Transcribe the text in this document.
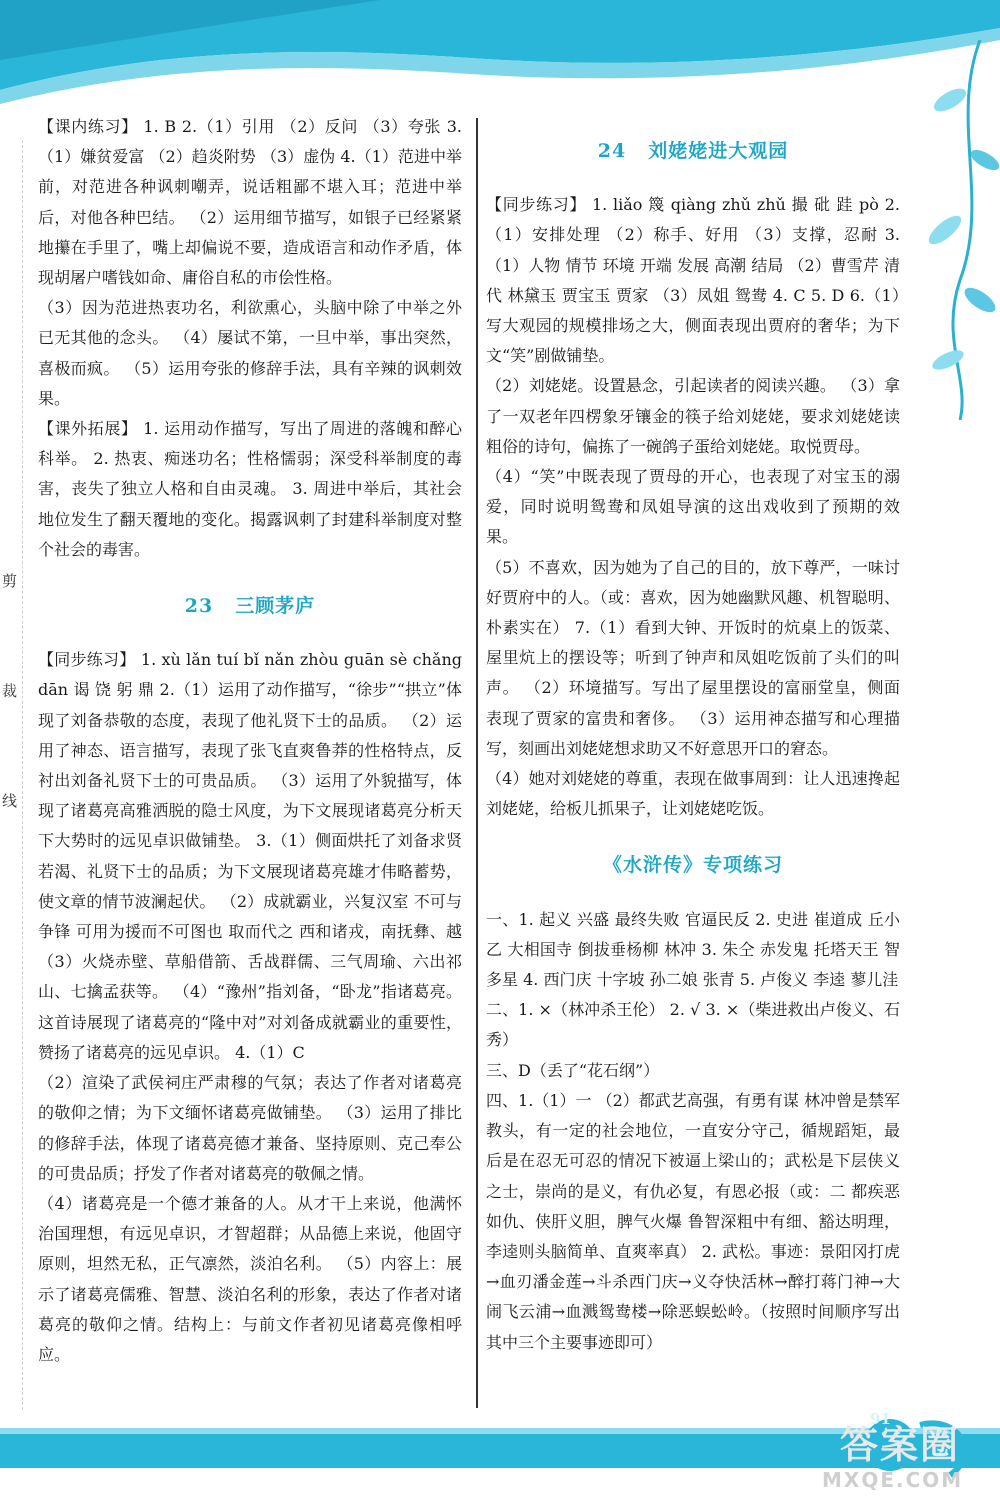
剪
裁
线

【课内练习】 1. B 2.（1）引用 （2）反问 （3）夸张 3.（1）嫌贫爱富 （2）趋炎附势 （3）虚伪 4.（1）范进中举前，对范进各种讽刺嘲弄，说话粗鄙不堪入耳；范进中举后，对他各种巴结。 （2）运用细节描写，如银子已经紧紧地攥在手里了，嘴上却偏说不要，造成语言和动作矛盾，体现胡屠户嗜钱如命、庸俗自私的市侩性格。

（3）因为范进热衷功名，利欲熏心，头脑中除了中举之外已无其他的念头。 （4）屡试不第，一旦中举，事出突然，喜极而疯。 （5）运用夸张的修辞手法，具有辛辣的讽刺效果。

【课外拓展】 1. 运用动作描写，写出了周进的落魄和醉心科举。 2. 热衷、痴迷功名；性格懦弱；深受科举制度的毒害，丧失了独立人格和自由灵魂。 3. 周进中举后，其社会地位发生了翻天覆地的变化。揭露讽刺了封建科举制度对整个社会的毒害。

23 三顾茅庐

【同步练习】 1. xù lǎn tuí bǐ nǎn zhòu guān sè chǎng dān 谒 饶 躬 鼎 2.（1）运用了动作描写，“徐步”“拱立”体现了刘备恭敬的态度，表现了他礼贤下士的品质。 （2）运用了神态、语言描写，表现了张飞直爽鲁莽的性格特点，反衬出刘备礼贤下士的可贵品质。 （3）运用了外貌描写，体现了诸葛亮高雅洒脱的隐士风度，为下文展现诸葛亮分析天下大势时的远见卓识做铺垫。 3.（1）侧面烘托了刘备求贤若渴、礼贤下士的品质；为下文展现诸葛亮雄才伟略蓄势，使文章的情节波澜起伏。 （2）成就霸业，兴复汉室 不可与争锋 可用为援而不可图也 取而代之 西和诸戎，南抚彝、越 （3）火烧赤壁、草船借箭、舌战群儒、三气周瑜、六出祁山、七擒孟获等。 （4）“豫州”指刘备，“卧龙”指诸葛亮。这首诗展现了诸葛亮的“隆中对”对刘备成就霸业的重要性，赞扬了诸葛亮的远见卓识。 4.（1）C

（2）渲染了武侯祠庄严肃穆的气氛；表达了作者对诸葛亮的敬仰之情；为下文缅怀诸葛亮做铺垫。 （3）运用了排比的修辞手法，体现了诸葛亮德才兼备、坚持原则、克己奉公的可贵品质；抒发了作者对诸葛亮的敬佩之情。

（4）诸葛亮是一个德才兼备的人。从才干上来说，他满怀治国理想，有远见卓识，才智超群；从品德上来说，他固守原则，坦然无私，正气凛然，淡泊名利。 （5）内容上：展示了诸葛亮儒雅、智慧、淡泊名利的形象，表达了作者对诸葛亮的敬仰之情。结构上：与前文作者初见诸葛亮像相呼应。

24 刘姥姥进大观园

【同步练习】 1. liǎo 篾 qiàng zhǔ zhǔ 撮 砒 跬 pò 2.（1）安排处理 （2）称手、好用 （3）支撑，忍耐 3.（1）人物 情节 环境 开端 发展 高潮 结局 （2）曹雪芹 清代 林黛玉 贾宝玉 贾家 （3）凤姐 鸳鸯 4. C 5. D 6.（1）写大观园的规模排场之大，侧面表现出贾府的奢华；为下文“笑”剧做铺垫。

（2）刘姥姥。设置悬念，引起读者的阅读兴趣。 （3）拿了一双老年四楞象牙镶金的筷子给刘姥姥，要求刘姥姥读粗俗的诗句，偏拣了一碗鸽子蛋给刘姥姥。取悦贾母。

（4）“笑”中既表现了贾母的开心，也表现了对宝玉的溺爱，同时说明鸳鸯和凤姐导演的这出戏收到了预期的效果。

（5）不喜欢，因为她为了自己的目的，放下尊严，一味讨好贾府中的人。（或：喜欢，因为她幽默风趣、机智聪明、朴素实在） 7.（1）看到大钟、开饭时的炕桌上的饭菜、屋里炕上的摆设等；听到了钟声和凤姐吃饭前了头们的叫声。 （2）环境描写。写出了屋里摆设的富丽堂皇，侧面表现了贾家的富贵和奢侈。 （3）运用神态描写和心理描写，刻画出刘姥姥想求助又不好意思开口的窘态。

（4）她对刘姥姥的尊重，表现在做事周到：让人迅速搀起刘姥姥，给板儿抓果子，让刘姥姥吃饭。

《水浒传》专项练习

一、1. 起义 兴盛 最终失败 官逼民反 2. 史进 崔道成 丘小乙 大相国寺 倒拔垂杨柳 林冲 3. 朱仝 赤发鬼 托塔天王 智多星 4. 西门庆 十字坡 孙二娘 张青 5. 卢俊义 李逵 蓼儿洼

二、1. ×（林冲杀王伦） 2. √ 3. ×（柴进救出卢俊义、石秀）

三、D（丢了“花石纲”）

四、1.（1）一 （2）都武艺高强，有勇有谋 林冲曾是禁军教头，有一定的社会地位，一直安分守己，循规蹈矩，最后是在忍无可忍的情况下被逼上梁山的；武松是下层侠义之士，崇尚的是义，有仇必复，有恩必报（或：二 都疾恶如仇、侠肝义胆，脾气火爆 鲁智深粗中有细、豁达明理，李逵则头脑简单、直爽率真） 2. 武松。事迹：景阳冈打虎→血刃潘金莲→斗杀西门庆→义夺快活林→醉打蒋门神→大闹飞云浦→血溅鸳鸯楼→除恶蜈蚣岭。（按照时间顺序写出其中三个主要事迹即可）

91
答案圈
MXQE.COM
